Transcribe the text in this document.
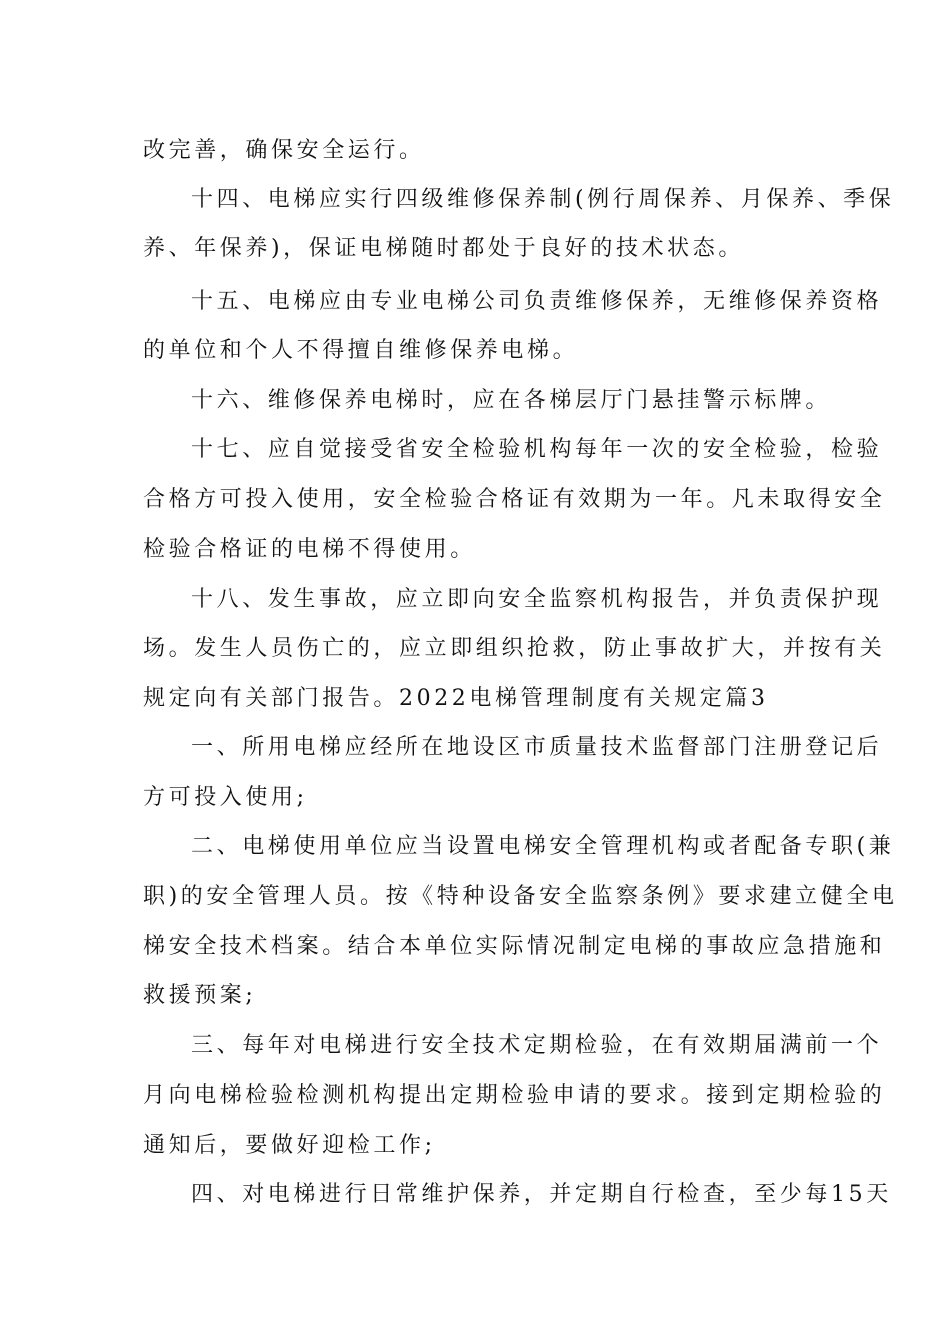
改完善，确保安全运行。

十四、电梯应实行四级维修保养制(例行周保养、月保养、季保

养、年保养)，保证电梯随时都处于良好的技术状态。

十五、电梯应由专业电梯公司负责维修保养，无维修保养资格

的单位和个人不得擅自维修保养电梯。

十六、维修保养电梯时，应在各梯层厅门悬挂警示标牌。

十七、应自觉接受省安全检验机构每年一次的安全检验，检验

合格方可投入使用，安全检验合格证有效期为一年。凡未取得安全

检验合格证的电梯不得使用。

十八、发生事故，应立即向安全监察机构报告，并负责保护现

场。发生人员伤亡的，应立即组织抢救，防止事故扩大，并按有关

规定向有关部门报告。2022电梯管理制度有关规定篇3

一、所用电梯应经所在地设区市质量技术监督部门注册登记后

方可投入使用;

二、电梯使用单位应当设置电梯安全管理机构或者配备专职(兼

职)的安全管理人员。按《特种设备安全监察条例》要求建立健全电

梯安全技术档案。结合本单位实际情况制定电梯的事故应急措施和

救援预案;

三、每年对电梯进行安全技术定期检验，在有效期届满前一个

月向电梯检验检测机构提出定期检验申请的要求。接到定期检验的

通知后，要做好迎检工作;

四、对电梯进行日常维护保养，并定期自行检查，至少每15天
